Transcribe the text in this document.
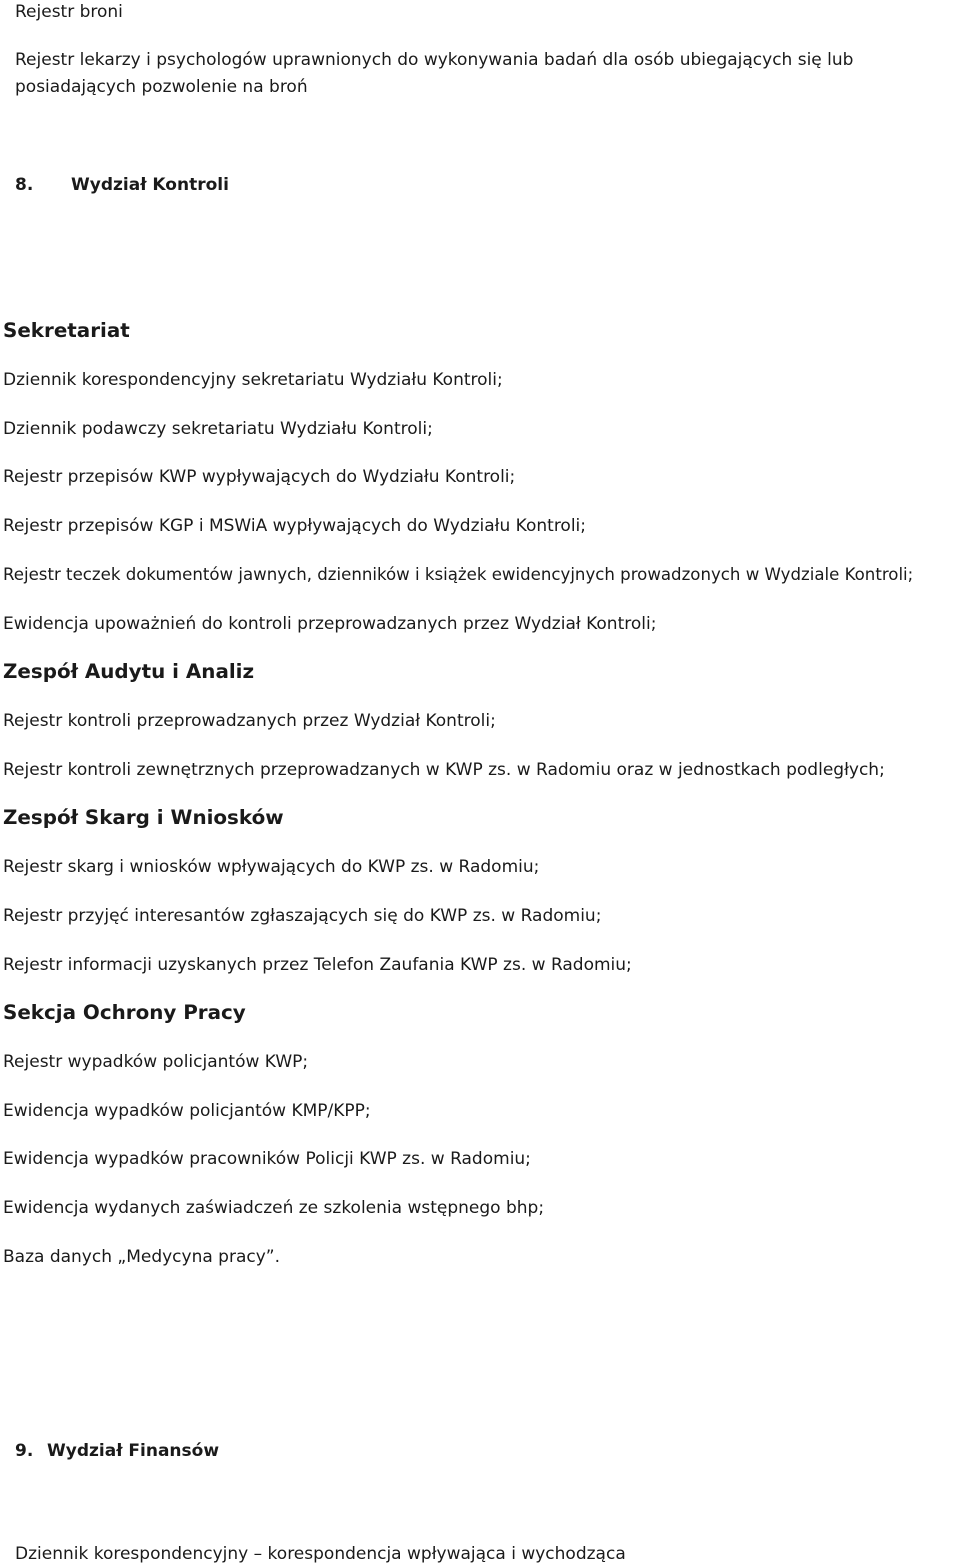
Rejestr broni

Rejestr lekarzy i psychologów uprawnionych do wykonywania badań dla osób ubiegających się lub

posiadających pozwolenie na broń

8. Wydział Kontroli
Sekretariat

Dziennik korespondencyjny sekretariatu Wydziału Kontroli;

Dziennik podawczy sekretariatu Wydziału Kontroli;

Rejestr przepisów KWP wypływających do Wydziału Kontroli;

Rejestr przepisów KGP i MSWiA wypływających do Wydziału Kontroli;

Rejestr teczek dokumentów jawnych, dzienników i książek ewidencyjnych prowadzonych w Wydziale Kontroli;

Ewidencja upoważnień do kontroli przeprowadzanych przez Wydział Kontroli;

Zespół Audytu i Analiz

Rejestr kontroli przeprowadzanych przez Wydział Kontroli;

Rejestr kontroli zewnętrznych przeprowadzanych w KWP zs. w Radomiu oraz w jednostkach podległych;

Zespół Skarg i Wniosków

Rejestr skarg i wniosków wpływających do KWP zs. w Radomiu;

Rejestr przyjęć interesantów zgłaszających się do KWP zs. w Radomiu;

Rejestr informacji uzyskanych przez Telefon Zaufania KWP zs. w Radomiu;

Sekcja Ochrony Pracy

Rejestr wypadków policjantów KWP;

Ewidencja wypadków policjantów KMP/KPP;

Ewidencja wypadków pracowników Policji KWP zs. w Radomiu;

Ewidencja wydanych zaświadczeń ze szkolenia wstępnego bhp;

Baza danych „Medycyna pracy”.

9. Wydział Finansów

Dziennik korespondencyjny – korespondencja wpływająca i wychodząca
